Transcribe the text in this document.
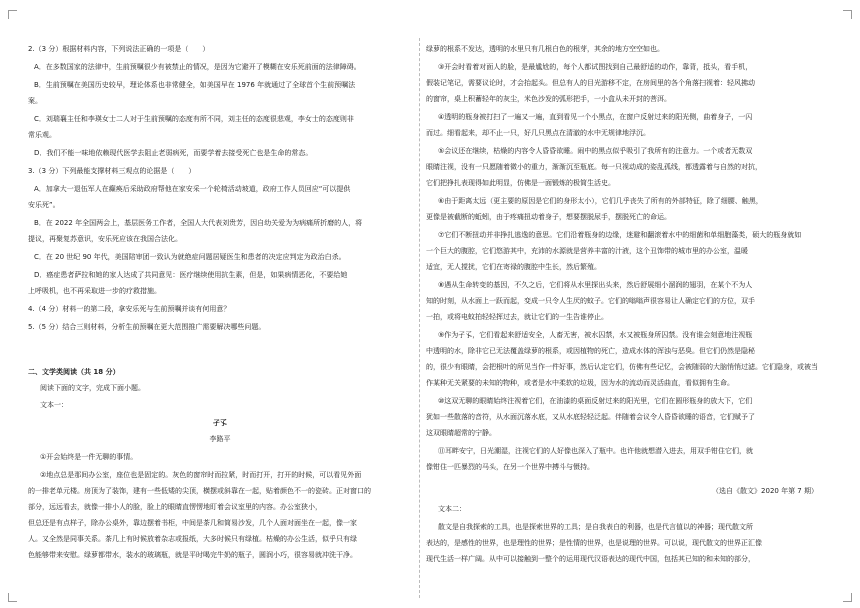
2.（3 分）根据材料内容，下列说法正确的一项是（　　）
A．在多数国家的法律中，生前预嘱很少有被禁止的情况，是因为它避开了模糊在安乐死前面的法律障碍。
B．生前预嘱在美国历史较早，理论体系也非常健全，如美国早在 1976 年就通过了全球首个生前预嘱法
案。
C．刘瑞襄主任和李瑛女士二人对于生前预嘱的态度有所不同，刘主任的态度很悲观，李女士的态度则非
常乐观。
D．我们不能一味地依赖现代医学去阻止老弱病死，而要学着去接受死亡也是生命的常态。
3.（3 分）下列最能支撑材料三观点的论据是（　　）
A．加拿大一退伍军人在癫痪后采助政府帮他在家安采一个轮椅活动坡道，政府工作人员回应“可以提供
安乐死”。
B．在 2022 年全国两会上，基层医务工作者，全国人大代表刘贵芳，因自幼关爱为为病痛所折磨的人，将
提议，再聚复苏意识，安乐死应该在我国合法化。
C．在 20 世纪 90 年代，美国陪审团一致认为就绝症问题居疑医生和患者的决定应判定为政治白杀。
D．癌症患者萨拉和她的家人达成了共同意见：医疗继续使用抗生素，但是，如果病情恶化，不要给她
上呼吸机，也不再采取进一步的疗救措施。
4.（4 分）材料一的第二段，拿安乐死与生前预嘱并谈有何用意？
5.（5 分）结合三则材料，分析生前预嘱在更大范围推广需要解决哪些问题。
二、文学类阅读（共 18 分）
阅读下面的文字，完成下面小题。
文本一：
孑孓
李路平
①开会始终是一件无聊的事情。
②地点总是那间办公室，座位也是固定的。灰色的窗帘时而拉紧，时而打开，打开的时候，可以看见外面
的一排老单元楼。房顶为了装饰，建有一些低矮的尖顶，横摆或斜靠在一起，贴着颜色不一的瓷砖。正对窗口的
部分，远远看去，就像一排小人的脸，脸上的眼睛直愣愣地盯着会议室里的内容。办公室狭小，
但总还是有点样子，除办公桌外，靠边摆着书柜，中间是茶几和简易沙发，几个人面对面坐在一起，像一家
人。又全然是同事关系。茶几上有时候放着杂志或报纸，大多时候只有绿植。枯燥的办公生活，似乎只有绿
色能够带来安慰。绿萝都带水，装水的玻璃瓶，就是平时喝完牛奶的瓶子，圆润小巧，很容易就冲洗干净。
绿萝的根系不发达，透明的水里只有几根白色的根芽，其余的地方空空如也。
③开会时看着对面人的脸，是最尴尬的，每个人都试图找到自己最舒适的动作，靠背，抵头，看手机，
假装记笔记，需要议论时，才会抬起头。但总有人的目光游移不定，在房间里的各个角落扫视着：轻风拂动
的窗帘，桌上积蓄轻年的灰尘，米色沙发的弧形把手，一小盒从未开封的菩洱。
④透明的瓶身被打扫了一遍又一遍，直到看见一个小黑点，在窗户反射过来的阳光侧，曲着身子，一闪
而过。细看起来，却不止一只，好几只黑点在清澈的水中无规律地浮沉。
⑤会议还在继续，枯燥的内容令人昏昏欲睡。闹中的黑点似乎吸引了我所有的注意力。一个或者无数双
眼睛注视，没有一只愿随着微小的重力，渐渐沉至瓶底。每一只视动成的姿乱孤线，都透露着与自然的对抗，
它们把挣扎表现得如此明显，仿佛是一面锻炼的极简生活史。
⑥由于距离太远（更主要的原因是它们的身形太小），它们几乎丧失了所有的外部特征，除了细腰、触黑，
更像是被截断的蚯蚓，由于疼痛扭动着身子，想要摆脱尿手，摆脱死亡的命运。
⑦它们不断扭动并非挣扎逃逸的意思。它们沿着瓶身的边缘，迷避和翻滚着水中的细菌和单细胞藻类，硕大的瓶身就如
一个巨大的腹腔，它们悠游其中，充沛的水源就是营养丰富的汁液，这个丑饰带的城市里的办公室，温暖
适宜，无人搅扰，它们在寄禄的腹腔中生长，然后繁殖。
⑧遇从生命转变的基因，不久之后，它们将从水里探出头来，然后舒展细小溜润的翅羽，在某个不为人
知的时刻，从水面上一跃而起，变成一只令人生厌的蚊子。它们的嗡嗡声很容易让人确定它们的方位，双手
一拍，或将电蚊拍轻轻挥过去，就让它们的一生告谁停止。
⑨作为孑孓，它们看起来舒适安全，人畜无害，被水囚禁，水又被瓶身所囚禁。没有谁会刻意地注视瓶
中透明的水，除非它已无法覆盖绿萝的根系，或因植物的死亡，造成水体的浑浊与恶臭。但它们仍然是隐秘
的，很少有眼睛，会把根叶的所见当作一件好事，然后认定它们，仿佛有些记忆，会被随弱的大脑悄悄过滤。它们隐身，或被当
作某种无关紧要的未知的物种，或者是水中柔软的垃圾，因为水的流动而灵活曲直，看似拥有生命。
⑩这双无聊的眼睛始终注视着它们，在油漆的桌面反射过来的阳光里，它们在圆形瓶身的放大下，它们
犹如一些散落的音符，从水面沉落水底，又从水底轻轻泛起。伴随着会议令人昏昏欲睡的语音，它们赋予了
这双眼睛超常的宁静。
⑪耳畔安宁，日光潮湿，注视它们的人好像也深入了瓶中。也许他就想潜入进去，用双手钳住它们，就
像钳住一匹暴烈的马头，在另一个世界中搏斗与慑持。
（选自《散文》2020 年第 7 期）
文本二：
散文是自我探索的工具，也是探索世界的工具；是自我表白的利器，也是代言值以的神器；现代散文所
表达的，是感性的世界，也是理性的世界；是性情的世界，也是说理的世界。可以说，现代散文的世界正汇像
现代生活一样广阔。从中可以接触到一整个的运用现代汉语表达的现代中国，包括其已知的和未知的部分，
